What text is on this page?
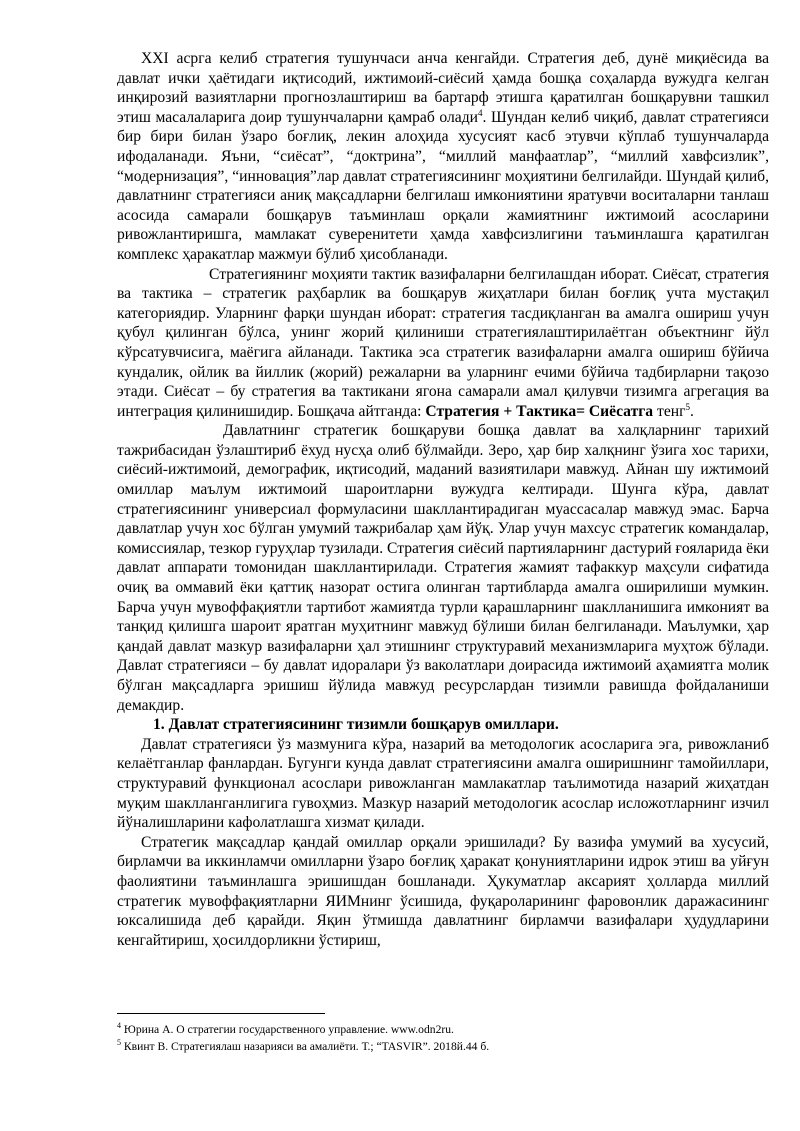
XXI асрга келиб стратегия тушунчаси анча кенгайди. Стратегия деб, дунё миқиёсида ва давлат ички ҳаётидаги иқтисодий, ижтимоий-сиёсий ҳамда бошқа соҳаларда вужудга келган инқирозий вазиятларни прогнозлаштириш ва бартарф этишга қаратилган бошқарувни ташкил этиш масалаларига доир тушунчаларни қамраб олади$^4$. Шундан келиб чиқиб, давлат стратегияси бир бири билан ўзаро боғлиқ, лекин алоҳида хусусият касб этувчи кўплаб тушунчаларда ифодаланади. Яъни, “сиёсат”, “доктрина”, “миллий манфаатлар”, “миллий хавфсизлик”, “модернизация”, “инновация”лар давлат стратегиясининг моҳиятини белгилайди. Шундай қилиб, давлатнинг стратегияси аниқ мақсадларни белгилаш имкониятини яратувчи воситаларни танлаш асосида самарали бошқарув таъминлаш орқали жамиятнинг ижтимоий асосларини ривожлантиришга, мамлакат суверенитети ҳамда хавфсизлигини таъминлашга қаратилган комплекс ҳаракатлар мажмуи бўлиб ҳисобланади.

Стратегиянинг моҳияти тактик вазифаларни белгилашдан иборат. Сиёсат, стратегия ва тактика – стратегик раҳбарлик ва бошқарув жиҳатлари билан боғлиқ учта мустақил категориядир. Уларнинг фарқи шундан иборат: стратегия тасдиқланган ва амалга ошириш учун қубул қилинган бўлса, унинг жорий қилиниши стратегиялаштирилаётган объектнинг йўл кўрсатувчисига, маёгига айланади. Тактика эса стратегик вазифаларни амалга ошириш бўйича кундалик, ойлик ва йиллик (жорий) режаларни ва уларнинг ечими бўйича тадбирларни тақозо этади. Сиёсат – бу стратегия ва тактикани ягона самарали амал қилувчи тизимга агрегация ва интеграция қилинишидир. Бошқача айтганда: Стратегия + Тактика= Сиёсатга тенг$^5$.

Давлатнинг стратегик бошқаруви бошқа давлат ва халқларнинг тарихий тажрибасидан ўзлаштириб ёхуд нусҳа олиб бўлмайди. Зеро, ҳар бир халқнинг ўзига хос тарихи, сиёсий-ижтимоий, демографик, иқтисодий, маданий вазиятилари мавжуд. Айнан шу ижтимоий омиллар маълум ижтимоий шароитларни вужудга келтиради. Шунга кўра, давлат стратегиясининг универсиал формуласини шакллантирадиган муассасалар мавжуд эмас. Барча давлатлар учун хос бўлган умумий тажрибалар ҳам йўқ. Улар учун махсус стратегик командалар, комиссиялар, тезкор гуруҳлар тузилади. Стратегия сиёсий партияларнинг дастурий ғояларида ёки давлат аппарати томонидан шакллантирилади. Стратегия жамият тафаккур маҳсули сифатида очиқ ва оммавий ёки қаттиқ назорат остига олинган тартибларда амалга оширилиши мумкин. Барча учун мувоффақиятли тартибот жамиятда турли қарашларнинг шаклланишига имконият ва танқид қилишга шароит яратган муҳитнинг мавжуд бўлиши билан белгиланади. Маълумки, ҳар қандай давлат мазкур вазифаларни ҳал этишнинг структуравий механизмларига муҳтож бўлади. Давлат стратегияси – бу давлат идоралари ўз ваколатлари доирасида ижтимоий аҳамиятга молик бўлган мақсадларга эришиш йўлида мавжуд ресурслардан тизимли равишда фойдаланиши демакдир.

1. Давлат стратегиясининг тизимли бошқарув омиллари.

Давлат стратегияси ўз мазмунига кўра, назарий ва методологик асосларига эга, ривожланиб келаётганлар фанлардан. Бугунги кунда давлат стратегиясини амалга оширишнинг тамойиллари, структуравий функционал асослари ривожланган мамлакатлар таълимотида назарий жиҳатдан муқим шаклланганлигига гувоҳмиз. Мазкур назарий методологик асослар исложотларнинг изчил йўналишларини кафолатлашга хизмат қилади.

Стратегик мақсадлар қандай омиллар орқали эришилади? Бу вазифа умумий ва хусусий, бирламчи ва иккинламчи омилларни ўзаро боғлиқ ҳаракат қонуниятларини идрок этиш ва уйғун фаолиятини таъминлашга эришишдан бошланади. Ҳукуматлар аксарият ҳолларда миллий стратегик мувоффақиятларни ЯИМнинг ўсишида, фуқароларининг фаровонлик даражасининг юксалишида деб қарайди. Яқин ўтмишда давлатнинг бирламчи вазифалари ҳудудларини кенгайтириш, ҳосилдорликни ўстириш,

$^4$ Юрина А. О стратегии государственного управление. www.odn2ru.
$^5$ Квинт В. Стратегиялаш назарияси ва амалиёти. Т.; “TASVIR”. 2018й.44 б.
